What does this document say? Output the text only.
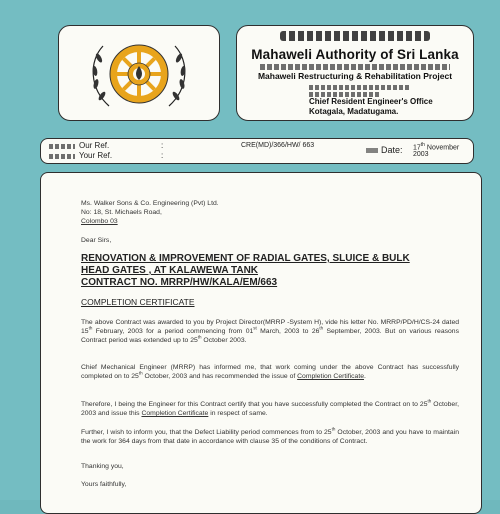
Mahaweli Authority of Sri Lanka
Mahaweli Restructuring & Rehabilitation Project
Chief Resident Engineer's Office
Kotagala, Madatugama.
Our Ref.	:	CRE(MD)/366/HW/ 663
Your Ref.	:
Date: 17th November 2003
Ms. Walker Sons & Co. Engineering (Pvt) Ltd.
No: 18, St. Michaels Road,
Colombo 03
Dear Sirs,
RENOVATION & IMPROVEMENT OF RADIAL GATES, SLUICE & BULK
HEAD GATES , AT KALAWEWA TANK
CONTRACT NO. MRRP/HW/KALA/EM/663
COMPLETION CERTIFICATE
The above Contract was awarded to you by Project Director(MRRP -System H), vide his letter No. MRRP/PD/H/CS-24 dated 15th February, 2003 for a period commencing from 01st March, 2003 to 26th September, 2003. But on various reasons Contract period was extended up to 25th October 2003.
Chief Mechanical Engineer (MRRP) has informed me, that work coming under the above Contract has successfully completed on to 25th October, 2003 and has recommended the issue of Completion Certificate.
Therefore, I being the Engineer for this Contract certify that you have successfully completed the Contract on to 25th October, 2003 and issue this Completion Certificate in respect of same.
Further, I wish to inform you, that the Defect Liability period commences from to 25th October, 2003 and you have to maintain the work for 364 days from that date in accordance with clause 35 of the conditions of Contract.
Thanking you,
Yours faithfully,
